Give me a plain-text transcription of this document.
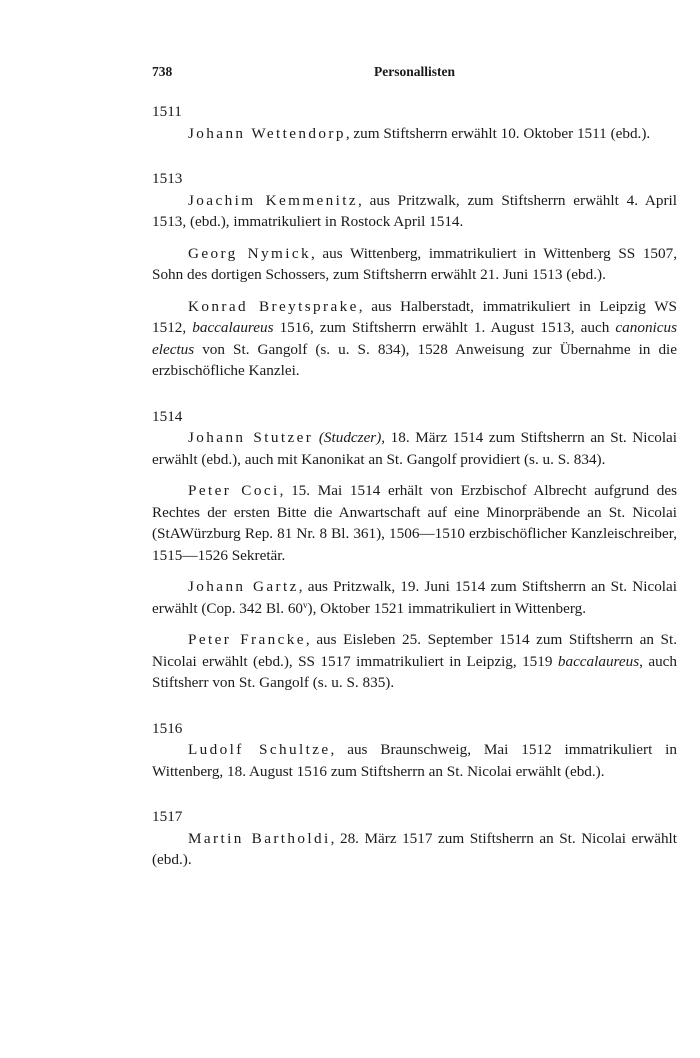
738	Personallisten
1511

Johann Wettendorp, zum Stiftsherrn erwählt 10. Oktober 1511 (ebd.).

1513

Joachim Kemmenitz, aus Pritzwalk, zum Stiftsherrn erwählt 4. April 1513, (ebd.), immatrikuliert in Rostock April 1514.

Georg Nymick, aus Wittenberg, immatrikuliert in Wittenberg SS 1507, Sohn des dortigen Schossers, zum Stiftsherrn erwählt 21. Juni 1513 (ebd.).

Konrad Breytsprake, aus Halberstadt, immatrikuliert in Leipzig WS 1512, baccalaureus 1516, zum Stiftsherrn erwählt 1. August 1513, auch canonicus electus von St. Gangolf (s. u. S. 834), 1528 Anweisung zur Übernahme in die erzbischöfliche Kanzlei.

1514

Johann Stutzer (Studczer), 18. März 1514 zum Stiftsherrn an St. Nicolai erwählt (ebd.), auch mit Kanonikat an St. Gangolf providiert (s. u. S. 834).

Peter Coci, 15. Mai 1514 erhält von Erzbischof Albrecht aufgrund des Rechtes der ersten Bitte die Anwartschaft auf eine Minorpräbende an St. Nicolai (StAWürzburg Rep. 81 Nr. 8 Bl. 361), 1506—1510 erzbischöflicher Kanzleischreiber, 1515—1526 Sekretär.

Johann Gartz, aus Pritzwalk, 19. Juni 1514 zum Stiftsherrn an St. Nicolai erwählt (Cop. 342 Bl. 60$^v$), Oktober 1521 immatrikuliert in Wittenberg.

Peter Francke, aus Eisleben 25. September 1514 zum Stiftsherrn an St. Nicolai erwählt (ebd.), SS 1517 immatrikuliert in Leipzig, 1519 baccalaureus, auch Stiftsherr von St. Gangolf (s. u. S. 835).

1516

Ludolf Schultze, aus Braunschweig, Mai 1512 immatrikuliert in Wittenberg, 18. August 1516 zum Stiftsherrn an St. Nicolai erwählt (ebd.).

1517

Martin Bartholdi, 28. März 1517 zum Stiftsherrn an St. Nicolai erwählt (ebd.).
